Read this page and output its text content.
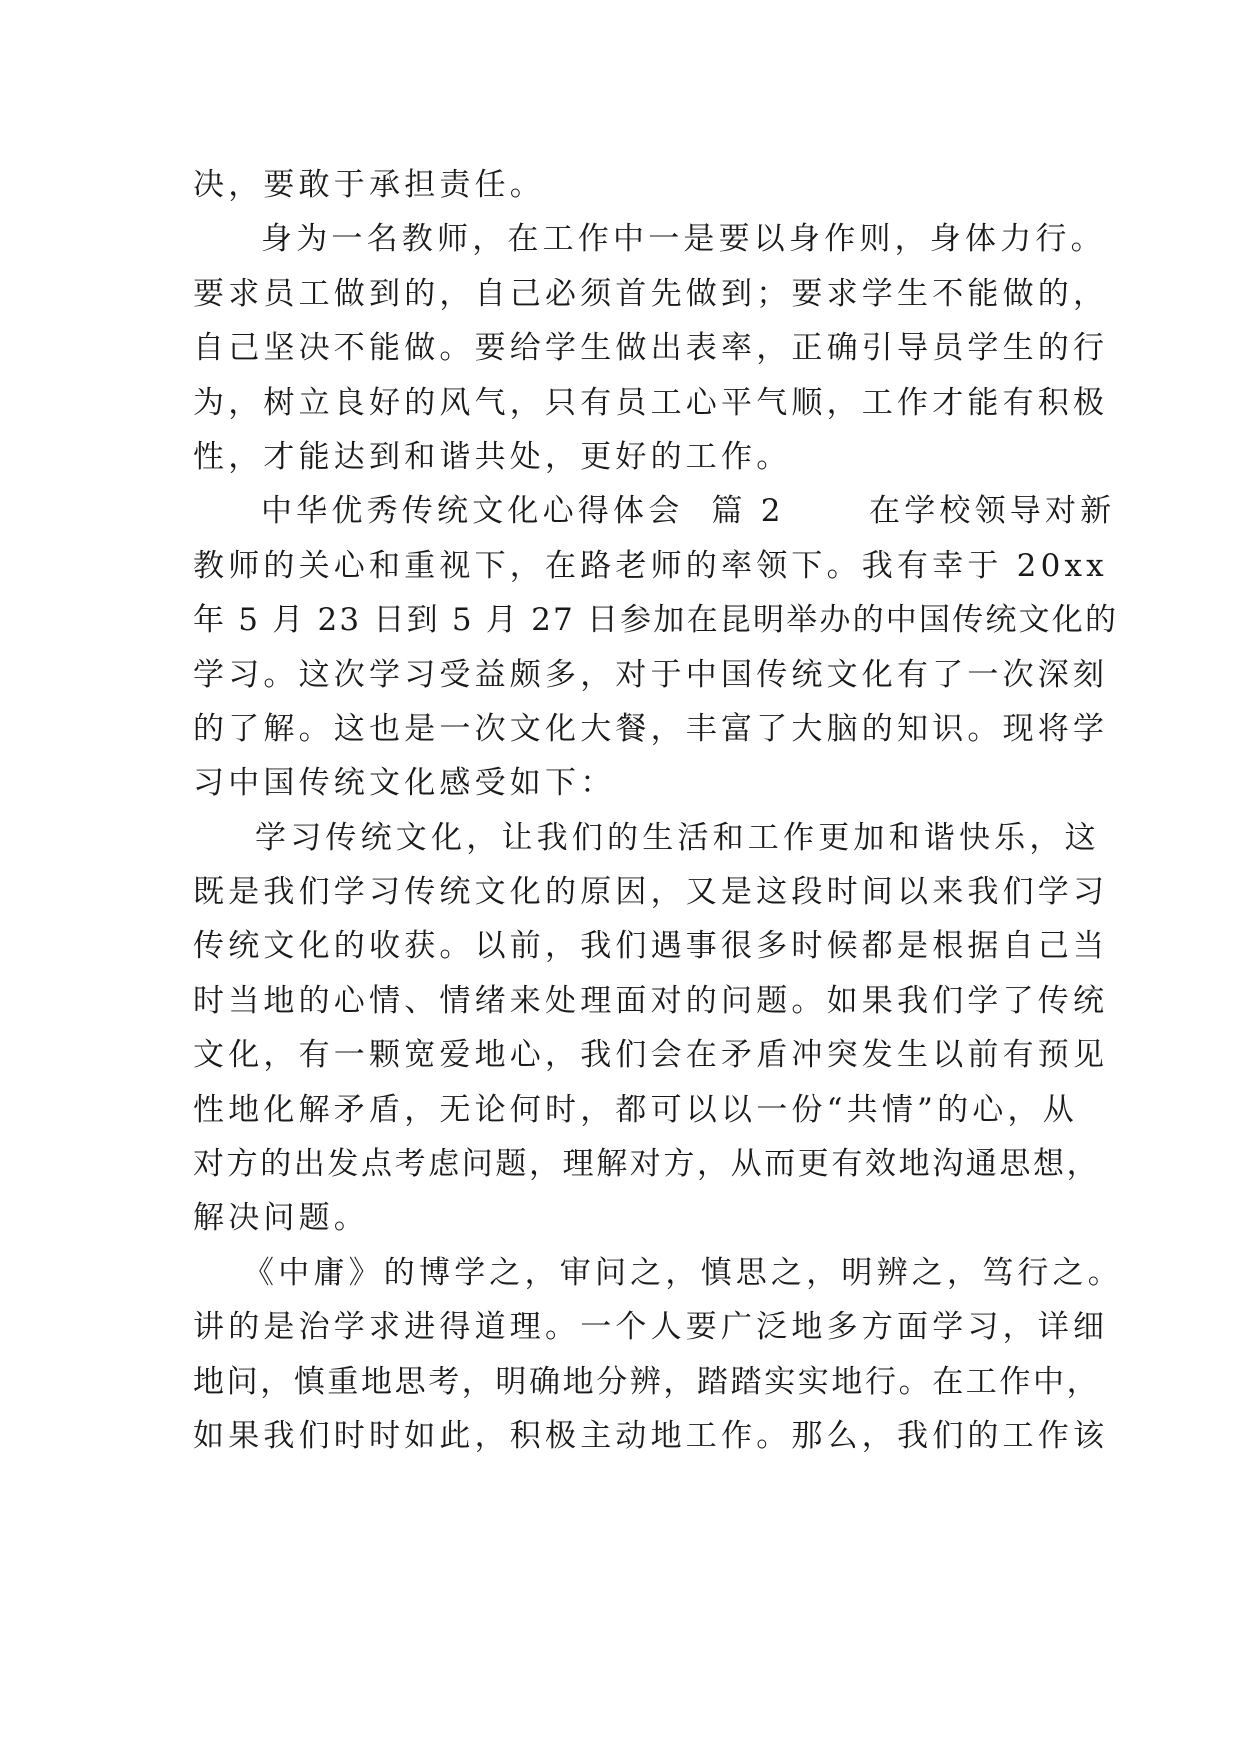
决，要敢于承担责任。
身为一名教师，在工作中一是要以身作则，身体力行。
要求员工做到的，自己必须首先做到；要求学生不能做的，
自己坚决不能做。要给学生做出表率，正确引导员学生的行
为，树立良好的风气，只有员工心平气顺，工作才能有积极
性，才能达到和谐共处，更好的工作。
中华优秀传统文化心得体会  篇 2      在学校领导对新
教师的关心和重视下，在路老师的率领下。我有幸于 20xx
年 5 月 23 日到 5 月 27 日参加在昆明举办的中国传统文化的
学习。这次学习受益颇多，对于中国传统文化有了一次深刻
的了解。这也是一次文化大餐，丰富了大脑的知识。现将学
习中国传统文化感受如下：
学习传统文化，让我们的生活和工作更加和谐快乐，这
既是我们学习传统文化的原因，又是这段时间以来我们学习
传统文化的收获。以前，我们遇事很多时候都是根据自己当
时当地的心情、情绪来处理面对的问题。如果我们学了传统
文化，有一颗宽爱地心，我们会在矛盾冲突发生以前有预见
性地化解矛盾，无论何时，都可以以一份“共情”的心，从
对方的出发点考虑问题，理解对方，从而更有效地沟通思想，
解决问题。
《中庸》的博学之，审问之，慎思之，明辨之，笃行之。
讲的是治学求进得道理。一个人要广泛地多方面学习，详细
地问，慎重地思考，明确地分辨，踏踏实实地行。在工作中，
如果我们时时如此，积极主动地工作。那么，我们的工作该
